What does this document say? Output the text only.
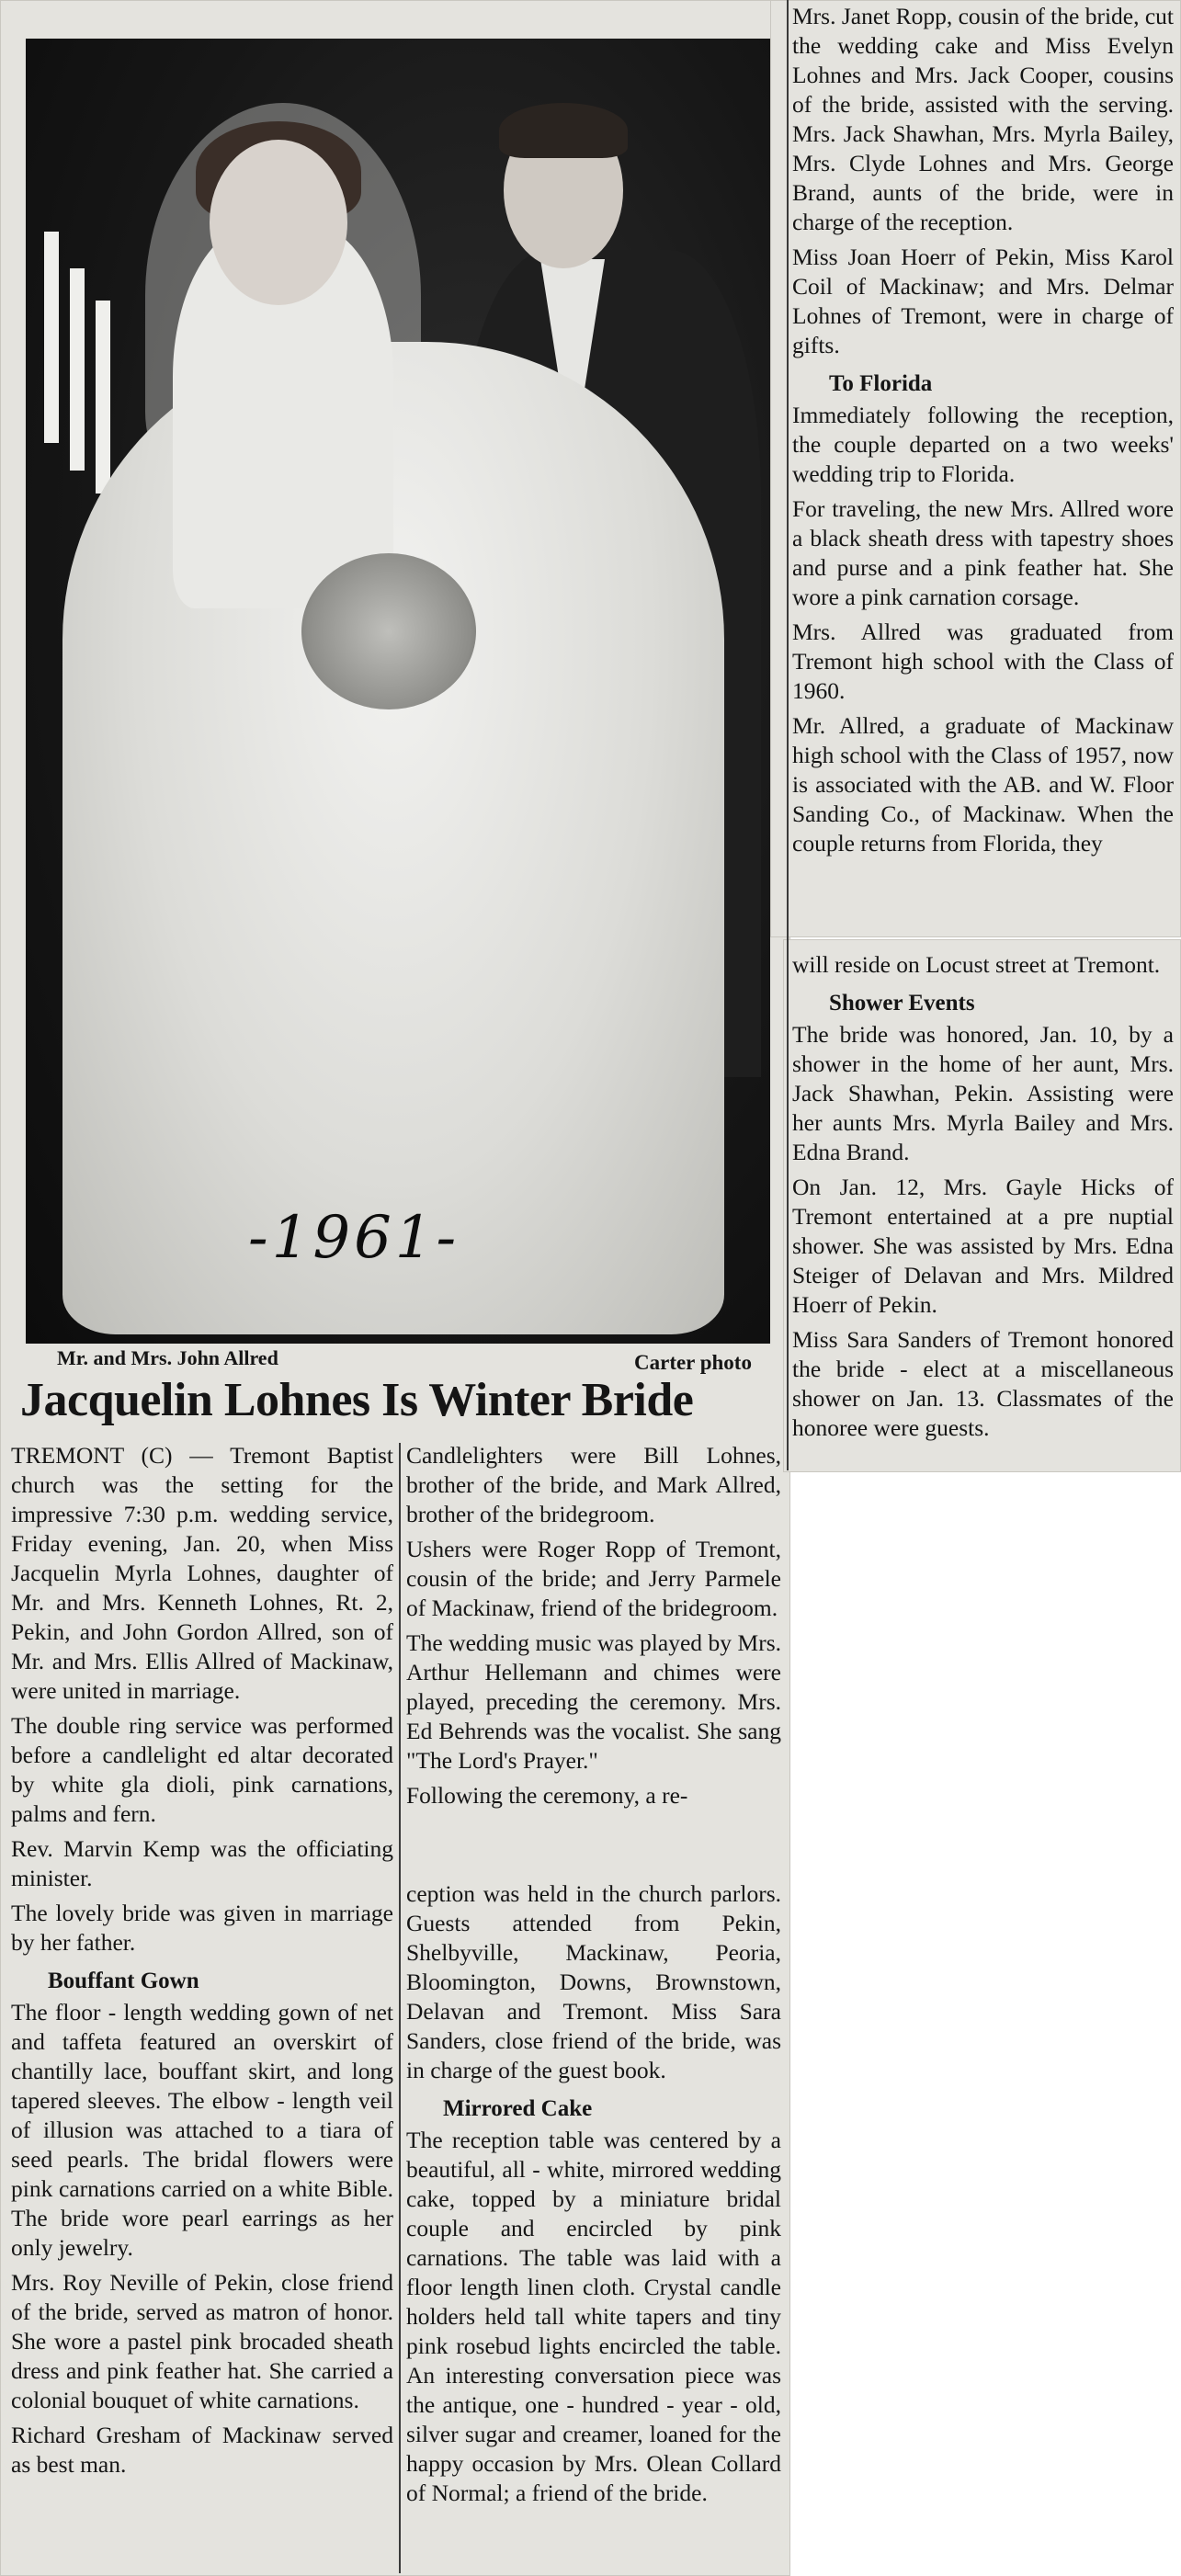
-1961-
Mr. and Mrs. John Allred	Carter photo
Jacquelin Lohnes Is Winter Bride

TREMONT (C) — Tremont Baptist church was the setting for the impressive 7:30 p.m. wedding service, Friday evening, Jan. 20, when Miss Jacquelin Myrla Lohnes, daughter of Mr. and Mrs. Kenneth Lohnes, Rt. 2, Pekin, and John Gordon Allred, son of Mr. and Mrs. Ellis Allred of Mackinaw, were united in marriage.

The double ring service was performed before a candlelight ed altar decorated by white gla dioli, pink carnations, palms and fern.

Rev. Marvin Kemp was the officiating minister.

The lovely bride was given in marriage by her father.

Bouffant Gown

The floor - length wedding gown of net and taffeta featured an overskirt of chantilly lace, bouffant skirt, and long tapered sleeves. The elbow - length veil of illusion was attached to a tiara of seed pearls. The bridal flowers were pink carnations carried on a white Bible. The bride wore pearl earrings as her only jewelry.

Mrs. Roy Neville of Pekin, close friend of the bride, served as matron of honor. She wore a pastel pink brocaded sheath dress and pink feather hat. She carried a colonial bouquet of white carnations.

Richard Gresham of Mackinaw served as best man.

Candlelighters were Bill Lohnes, brother of the bride, and Mark Allred, brother of the bridegroom.

Ushers were Roger Ropp of Tremont, cousin of the bride; and Jerry Parmele of Mackinaw, friend of the bridegroom.

The wedding music was played by Mrs. Arthur Hellemann and chimes were played, preceding the ceremony. Mrs. Ed Behrends was the vocalist. She sang "The Lord's Prayer."

Following the ceremony, a re-

ception was held in the church parlors. Guests attended from Pekin, Shelbyville, Mackinaw, Peoria, Bloomington, Downs, Brownstown, Delavan and Tremont. Miss Sara Sanders, close friend of the bride, was in charge of the guest book.

Mirrored Cake

The reception table was centered by a beautiful, all - white, mirrored wedding cake, topped by a miniature bridal couple and encircled by pink carnations. The table was laid with a floor length linen cloth. Crystal candle holders held tall white tapers and tiny pink rosebud lights encircled the table. An interesting conversation piece was the antique, one - hundred - year - old, silver sugar and creamer, loaned for the happy occasion by Mrs. Olean Collard of Normal; a friend of the bride.

Mrs. Janet Ropp, cousin of the bride, cut the wedding cake and Miss Evelyn Lohnes and Mrs. Jack Cooper, cousins of the bride, assisted with the serving. Mrs. Jack Shawhan, Mrs. Myrla Bailey, Mrs. Clyde Lohnes and Mrs. George Brand, aunts of the bride, were in charge of the reception.

Miss Joan Hoerr of Pekin, Miss Karol Coil of Mackinaw; and Mrs. Delmar Lohnes of Tremont, were in charge of gifts.

To Florida

Immediately following the reception, the couple departed on a two weeks' wedding trip to Florida.

For traveling, the new Mrs. Allred wore a black sheath dress with tapestry shoes and purse and a pink feather hat. She wore a pink carnation corsage.

Mrs. Allred was graduated from Tremont high school with the Class of 1960.

Mr. Allred, a graduate of Mackinaw high school with the Class of 1957, now is associated with the AB. and W. Floor Sanding Co., of Mackinaw. When the couple returns from Florida, they

will reside on Locust street at Tremont.

Shower Events

The bride was honored, Jan. 10, by a shower in the home of her aunt, Mrs. Jack Shawhan, Pekin. Assisting were her aunts Mrs. Myrla Bailey and Mrs. Edna Brand.

On Jan. 12, Mrs. Gayle Hicks of Tremont entertained at a pre nuptial shower. She was assisted by Mrs. Edna Steiger of Delavan and Mrs. Mildred Hoerr of Pekin.

Miss Sara Sanders of Tremont honored the bride - elect at a miscellaneous shower on Jan. 13. Classmates of the honoree were guests.
